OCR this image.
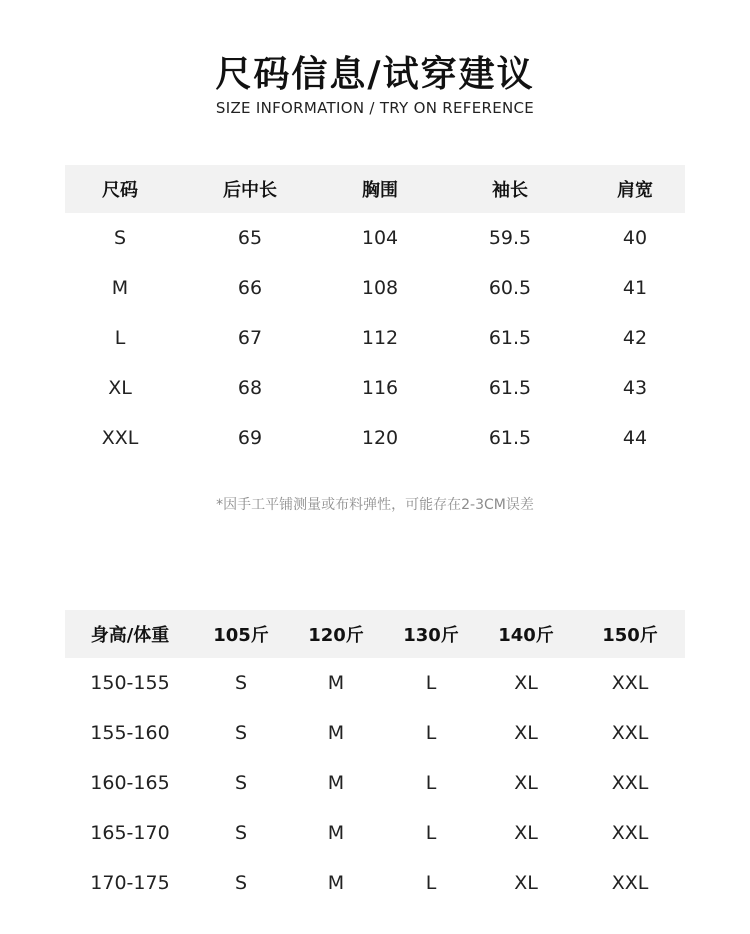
尺码信息/试穿建议
SIZE INFORMATION / TRY ON REFERENCE
尺码	后中长	胸围	袖长	肩宽
S	65	104	59.5	40
M	66	108	60.5	41
L	67	112	61.5	42
XL	68	116	61.5	43
XXL	69	120	61.5	44
*因手工平铺测量或布料弹性，可能存在2-3CM误差
身高/体重	105斤	120斤	130斤	140斤	150斤
150-155	S	M	L	XL	XXL
155-160	S	M	L	XL	XXL
160-165	S	M	L	XL	XXL
165-170	S	M	L	XL	XXL
170-175	S	M	L	XL	XXL
